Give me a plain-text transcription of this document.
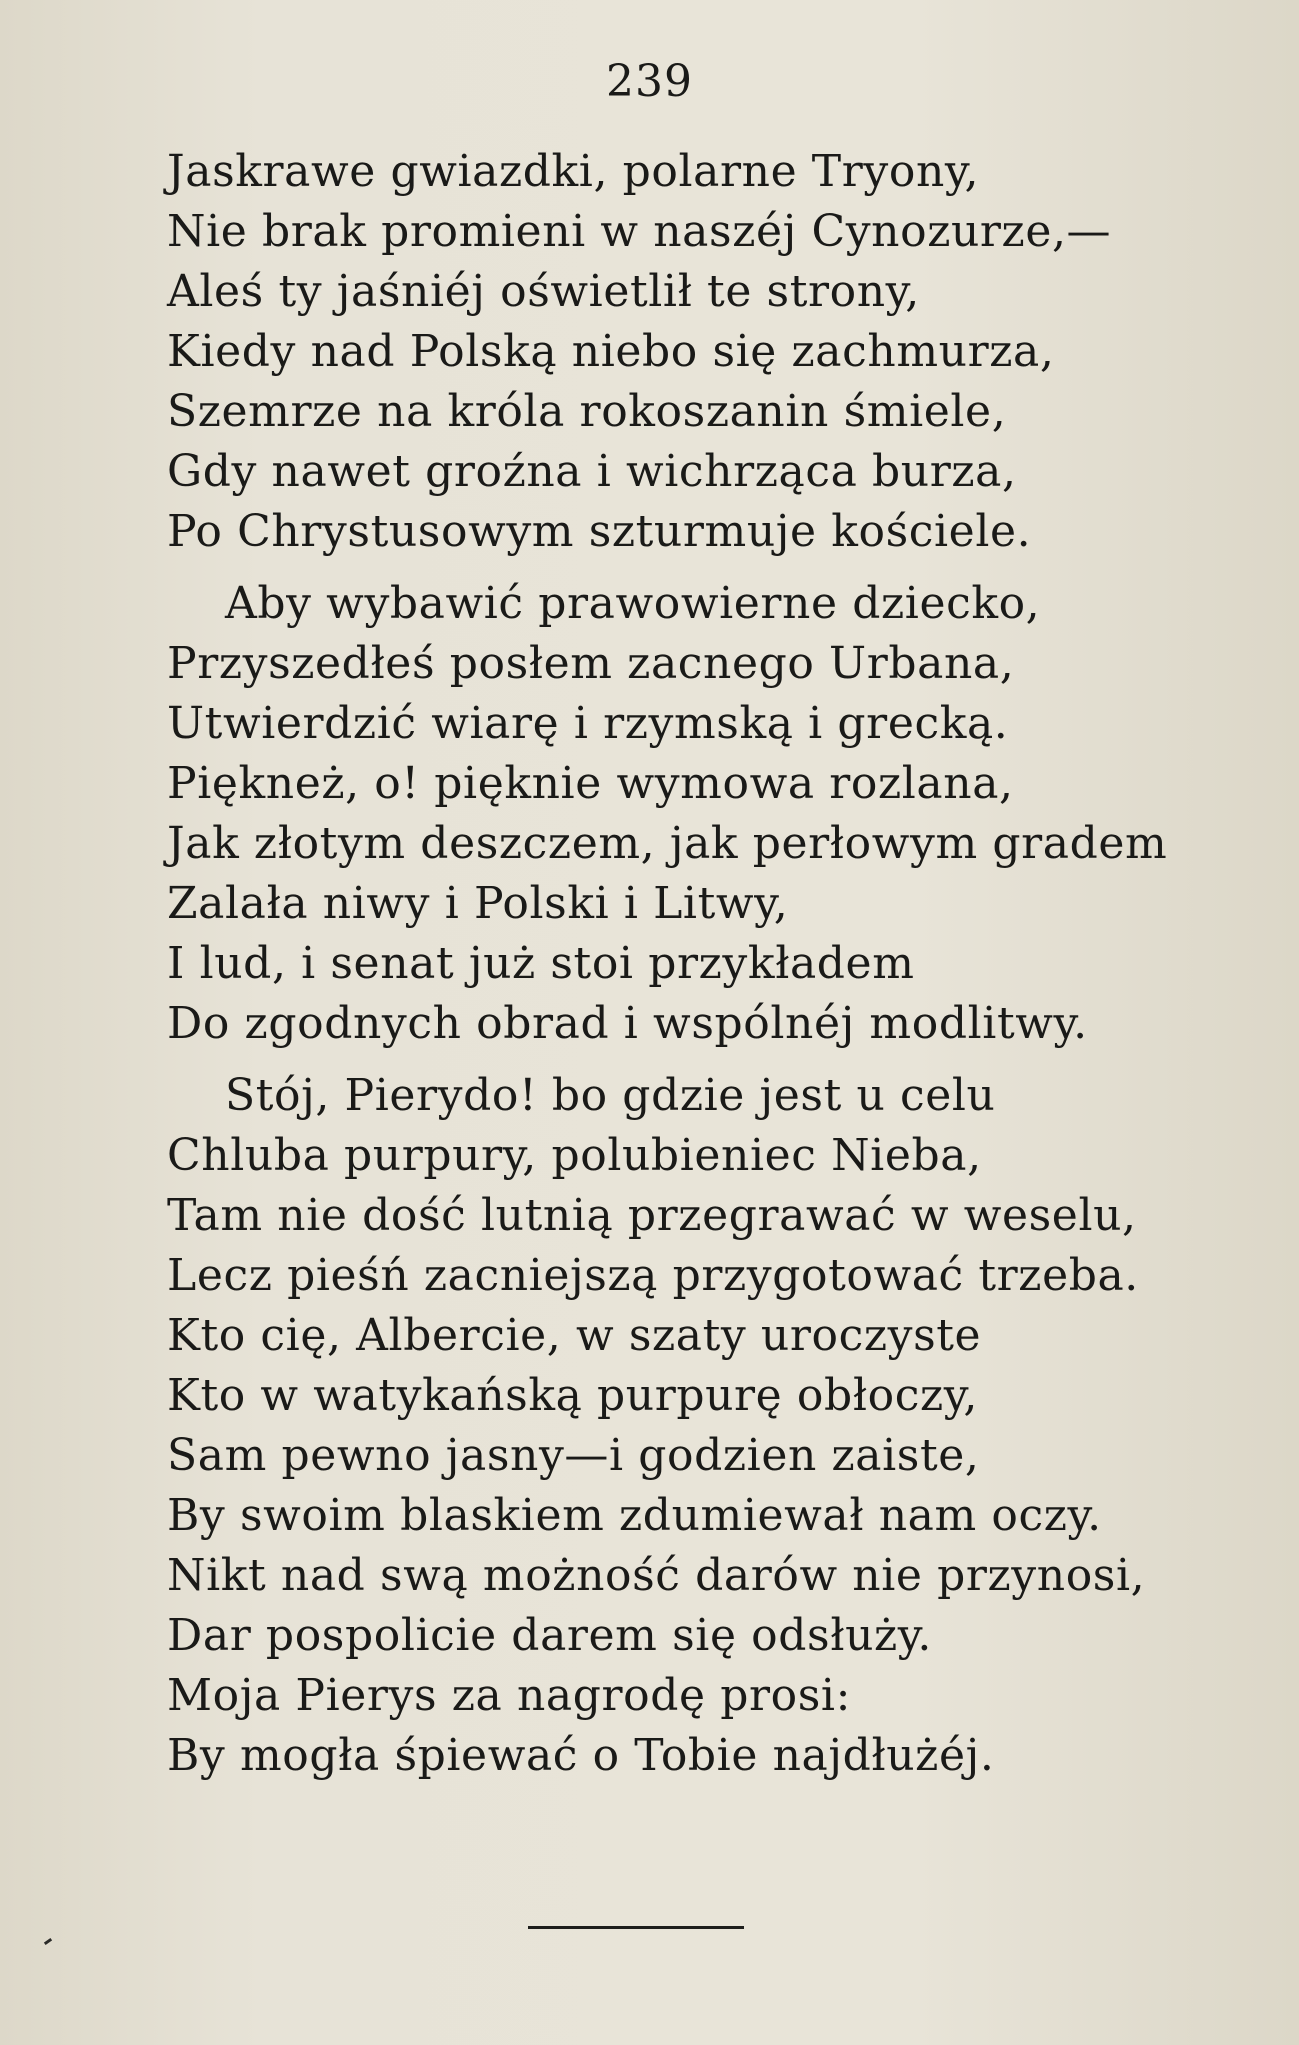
239
Jaskrawe gwiazdki, polarne Tryony,
Nie brak promieni w naszéj Cynozurze,—
Aleś ty jaśniéj oświetlił te strony,
Kiedy nad Polską niebo się zachmurza,
Szemrze na króla rokoszanin śmiele,
Gdy nawet groźna i wichrząca burza,
Po Chrystusowym szturmuje kościele.
Aby wybawić prawowierne dziecko,
Przyszedłeś posłem zacnego Urbana,
Utwierdzić wiarę i rzymską i grecką.
Piękneż, o! pięknie wymowa rozlana,
Jak złotym deszczem, jak perłowym gradem
Zalała niwy i Polski i Litwy,
I lud, i senat już stoi przykładem
Do zgodnych obrad i wspólnéj modlitwy.
Stój, Pierydo! bo gdzie jest u celu
Chluba purpury, polubieniec Nieba,
Tam nie dość lutnią przegrawać w weselu,
Lecz pieśń zacniejszą przygotować trzeba.
Kto cię, Albercie, w szaty uroczyste
Kto w watykańską purpurę obłoczy,
Sam pewno jasny—i godzien zaiste,
By swoim blaskiem zdumiewał nam oczy.
Nikt nad swą możność darów nie przynosi,
Dar pospolicie darem się odsłuży.
Moja Pierys za nagrodę prosi:
By mogła śpiewać o Tobie najdłużéj.
